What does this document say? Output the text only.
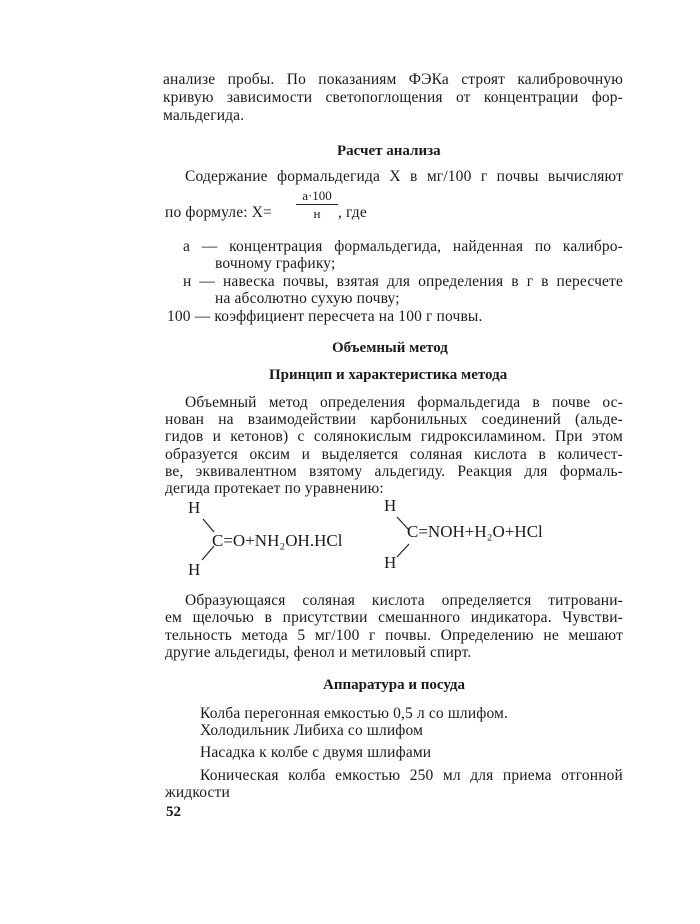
анализе пробы. По показаниям ФЭКа строят калибровочную
кривую зависимости светопоглощения от концентрации фор-
мальдегида.
Расчет анализа
Содержание формальдегида X в мг/100 г почвы вычисляют
по формуле: X=
a·100
н	, где
а — концентрация формальдегида, найденная по калибро-
вочному графику;
н — навеска почвы, взятая для определения в г в пересчете
на абсолютно сухую почву;
100 — коэффициент пересчета на 100 г почвы.
Объемный метод
Принцип и характеристика метода
Объемный метод определения формальдегида в почве ос-
нован на взаимодействии карбонильных соединений (альде-
гидов и кетонов) с солянокислым гидроксиламином. При этом
образуется оксим и выделяется соляная кислота в количест-
ве, эквивалентном взятому альдегиду. Реакция для формаль-
дегида протекает по уравнению:
H
C=O+NH₂OH.HCl
H
H
C=NOH+H₂O+HCl
H
Образующаяся соляная кислота определяется титровани-
ем щелочью в присутствии смешанного индикатора. Чувстви-
тельность метода 5 мг/100 г почвы. Определению не мешают
другие альдегиды, фенол и метиловый спирт.
Аппаратура и посуда
Колба перегонная емкостью 0,5 л со шлифом.
Холодильник Либиха со шлифом
Насадка к колбе с двумя шлифами
Коническая колба емкостью 250 мл для приема отгонной
жидкости
52
